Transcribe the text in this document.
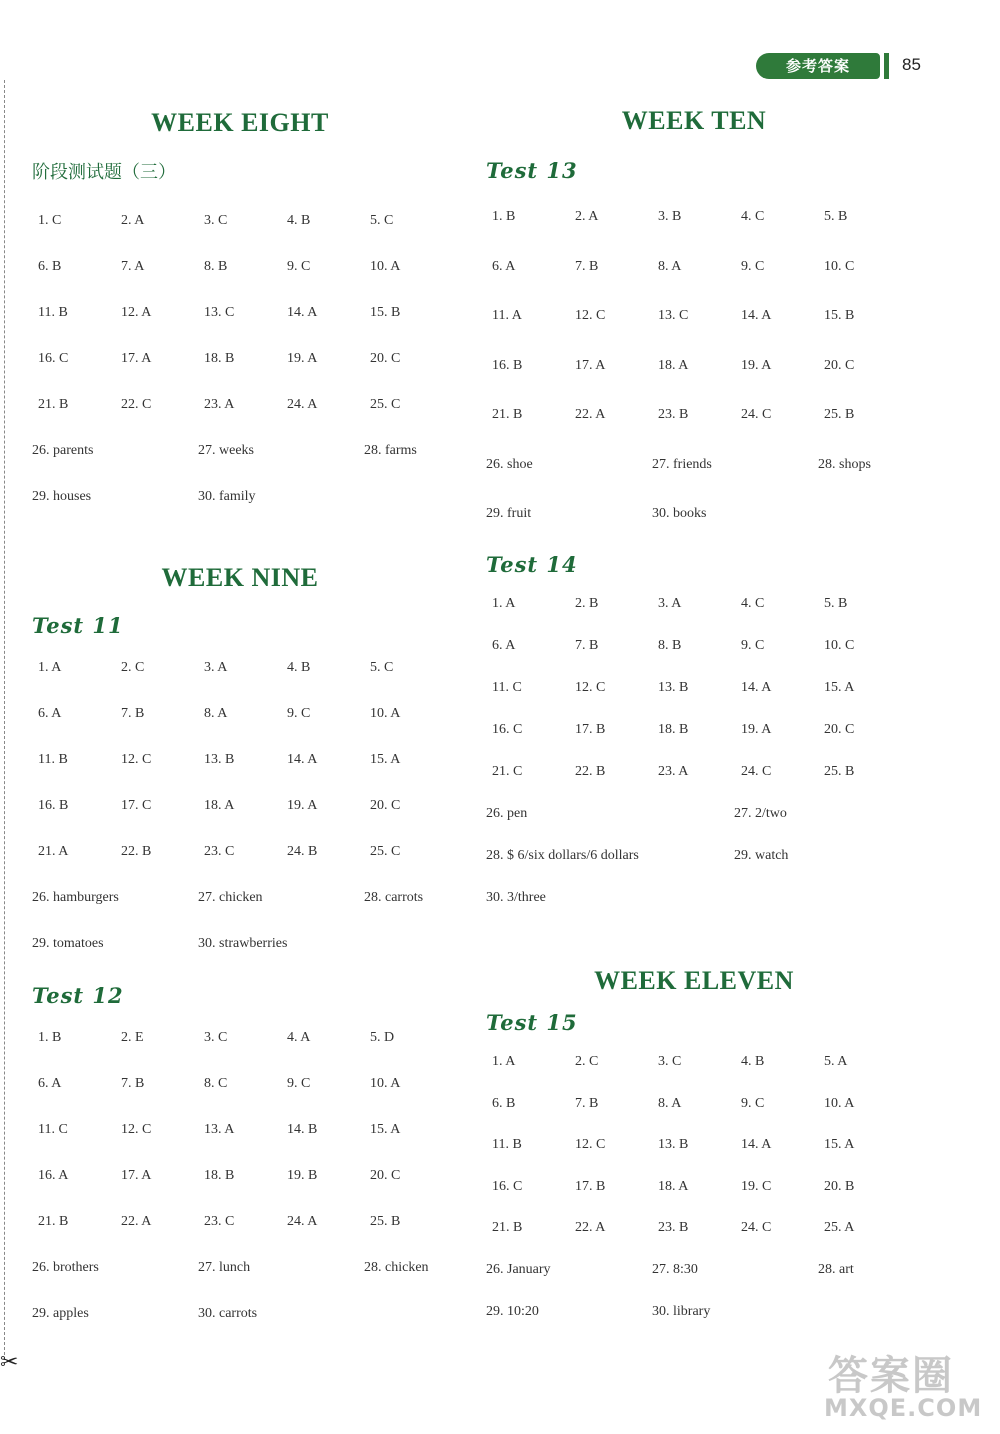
✂
参考答案	85
WEEK EIGHT
阶段测试题（三）
1. C	2. A	3. C	4. B	5. C
6. B	7. A	8. B	9. C	10. A
11. B	12. A	13. C	14. A	15. B
16. C	17. A	18. B	19. A	20. C
21. B	22. C	23. A	24. A	25. C
26. parents	27. weeks	28. farms
29. houses	30. family
WEEK NINE
Test 11
1. A	2. C	3. A	4. B	5. C
6. A	7. B	8. A	9. C	10. A
11. B	12. C	13. B	14. A	15. A
16. B	17. C	18. A	19. A	20. C
21. A	22. B	23. C	24. B	25. C
26. hamburgers	27. chicken	28. carrots
29. tomatoes	30. strawberries
Test 12
1. B	2. E	3. C	4. A	5. D
6. A	7. B	8. C	9. C	10. A
11. C	12. C	13. A	14. B	15. A
16. A	17. A	18. B	19. B	20. C
21. B	22. A	23. C	24. A	25. B
26. brothers	27. lunch	28. chicken
29. apples	30. carrots
WEEK TEN
Test 13
1. B	2. A	3. B	4. C	5. B
6. A	7. B	8. A	9. C	10. C
11. A	12. C	13. C	14. A	15. B
16. B	17. A	18. A	19. A	20. C
21. B	22. A	23. B	24. C	25. B
26. shoe	27. friends	28. shops
29. fruit	30. books
Test 14
1. A	2. B	3. A	4. C	5. B
6. A	7. B	8. B	9. C	10. C
11. C	12. C	13. B	14. A	15. A
16. C	17. B	18. B	19. A	20. C
21. C	22. B	23. A	24. C	25. B
26. pen	27. 2/two
28. $ 6/six dollars/6 dollars	29. watch
30. 3/three
WEEK ELEVEN
Test 15
1. A	2. C	3. C	4. B	5. A
6. B	7. B	8. A	9. C	10. A
11. B	12. C	13. B	14. A	15. A
16. C	17. B	18. A	19. C	20. B
21. B	22. A	23. B	24. C	25. A
26. January	27. 8:30	28. art
29. 10:20	30. library
答案圈
MXQE.COM
